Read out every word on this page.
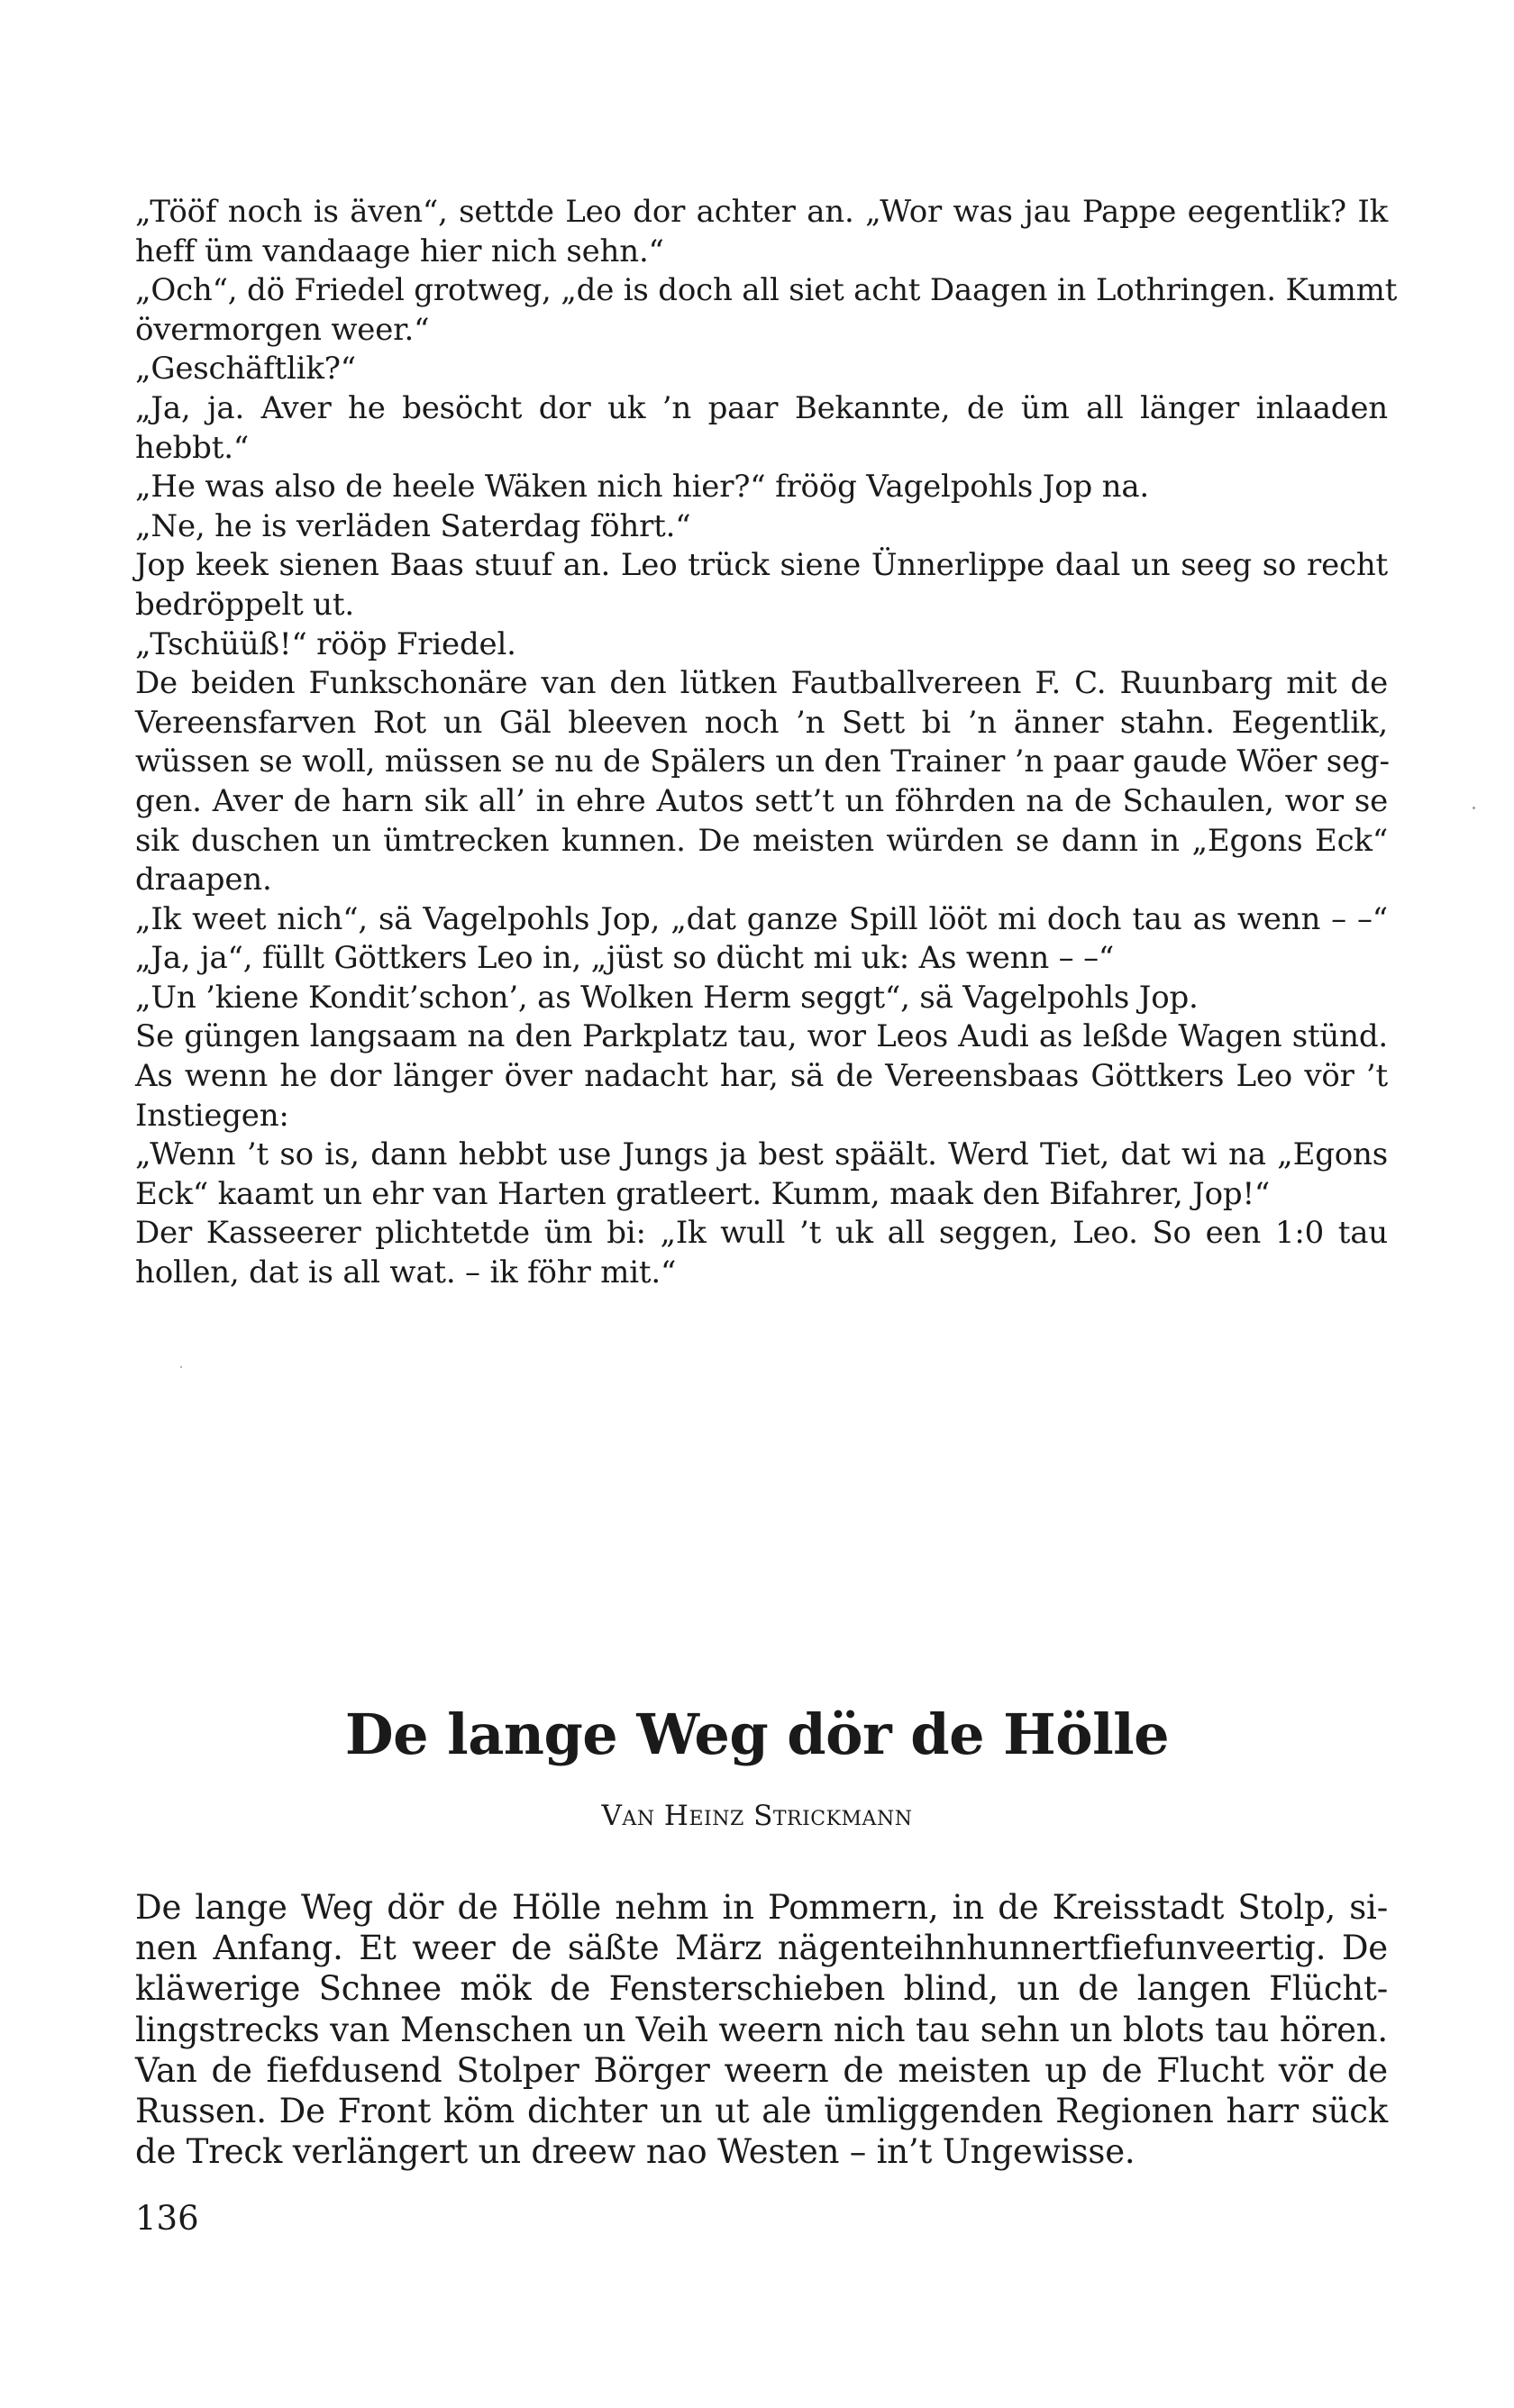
„Tööf noch is även“, settde Leo dor achter an. „Wor was jau Pappe eegentlik? Ik
heff üm vandaage hier nich sehn.“
„Och“, dö Friedel grotweg, „de is doch all siet acht Daagen in Lothringen. Kummt
övermorgen weer.“
„Geschäftlik?“
„Ja, ja. Aver he besöcht dor uk ’n paar Bekannte, de üm all länger inlaaden
hebbt.“
„He was also de heele Wäken nich hier?“ fröög Vagelpohls Jop na.
„Ne, he is verläden Saterdag föhrt.“
Jop keek sienen Baas stuuf an. Leo trück siene Ünnerlippe daal un seeg so recht
bedröppelt ut.
„Tschüüß!“ rööp Friedel.
De beiden Funkschonäre van den lütken Fautballvereen F. C. Ruunbarg mit de
Vereensfarven Rot un Gäl bleeven noch ’n Sett bi ’n änner stahn. Eegentlik,
wüssen se woll, müssen se nu de Spälers un den Trainer ’n paar gaude Wöer seg-
gen. Aver de harn sik all’ in ehre Autos sett’t un föhrden na de Schaulen, wor se
sik duschen un ümtrecken kunnen. De meisten würden se dann in „Egons Eck“
draapen.
„Ik weet nich“, sä Vagelpohls Jop, „dat ganze Spill lööt mi doch tau as wenn – –“
„Ja, ja“, füllt Göttkers Leo in, „jüst so dücht mi uk: As wenn – –“
„Un ’kiene Kondit’schon’, as Wolken Herm seggt“, sä Vagelpohls Jop.
Se güngen langsaam na den Parkplatz tau, wor Leos Audi as leßde Wagen stünd.
As wenn he dor länger över nadacht har, sä de Vereensbaas Göttkers Leo vör ’t
Instiegen:
„Wenn ’t so is, dann hebbt use Jungs ja best späält. Werd Tiet, dat wi na „Egons
Eck“ kaamt un ehr van Harten gratleert. Kumm, maak den Bifahrer, Jop!“
Der Kasseerer plichtetde üm bi: „Ik wull ’t uk all seggen, Leo. So een 1:0 tau
hollen, dat is all wat. – ik föhr mit.“
De lange Weg dör de Hölle
Van Heinz Strickmann
De lange Weg dör de Hölle nehm in Pommern, in de Kreisstadt Stolp, si-
nen Anfang. Et weer de säßte März nägenteihnhunnertfiefunveertig. De
kläwerige Schnee mök de Fensterschieben blind, un de langen Flücht-
lingstrecks van Menschen un Veih weern nich tau sehn un blots tau hören.
Van de fiefdusend Stolper Börger weern de meisten up de Flucht vör de
Russen. De Front köm dichter un ut ale ümliggenden Regionen harr sück
de Treck verlängert un dreew nao Westen – in’t Ungewisse.
136
